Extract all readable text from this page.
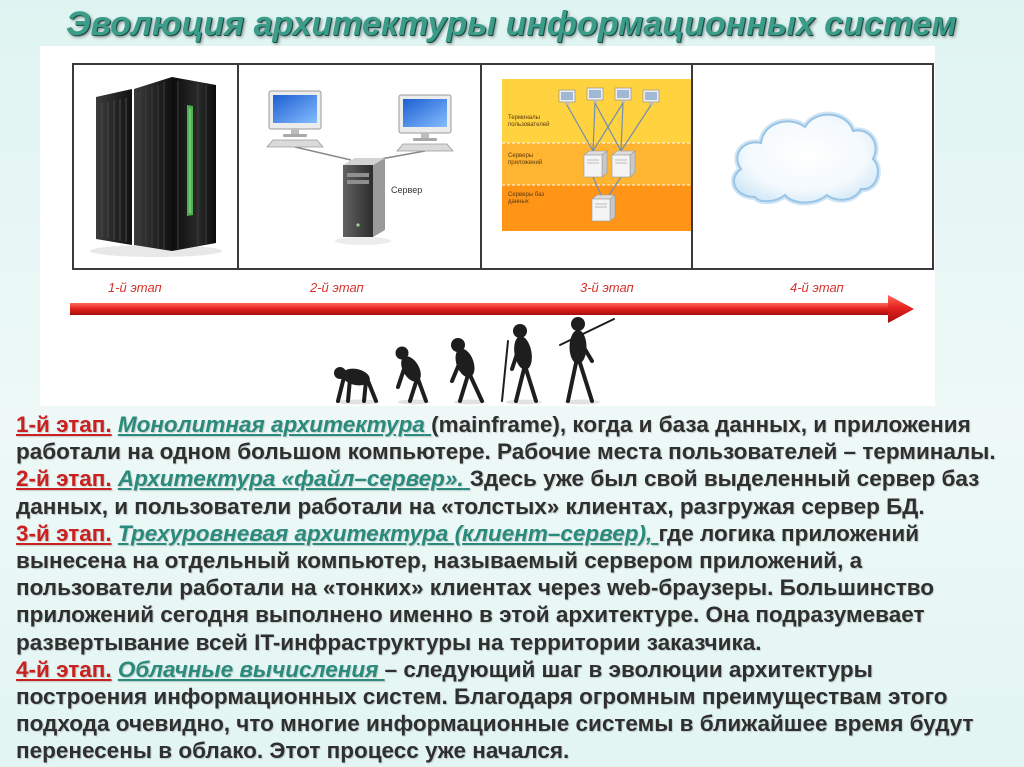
Эволюция архитектуры информационных систем
Сервер
Терминалы пользователей
Серверы приложений
Серверы баз данных
1-й этап	2-й этап	3-й этап	4-й этап
1-й этап. Монолитная архитектура (mainframe), когда и база данных, и приложения
работали на одном большом компьютере. Рабочие места пользователей – терминалы.
2-й этап. Архитектура «файл–сервер». Здесь уже был свой выделенный сервер баз
данных, и пользователи работали на «толстых» клиентах, разгружая сервер БД.
3-й этап. Трехуровневая архитектура (клиент–сервер), где логика приложений
вынесена на отдельный компьютер, называемый сервером приложений, а
пользователи работали на «тонких» клиентах через web-браузеры. Большинство
приложений сегодня выполнено именно в этой архитектуре. Она подразумевает
развертывание всей IT-инфраструктуры на территории заказчика.
4-й этап. Облачные вычисления – следующий шаг в эволюции архитектуры
построения информационных систем. Благодаря огромным преимуществам этого
подхода очевидно, что многие информационные системы в ближайшее время будут
перенесены в облако. Этот процесс уже начался.
